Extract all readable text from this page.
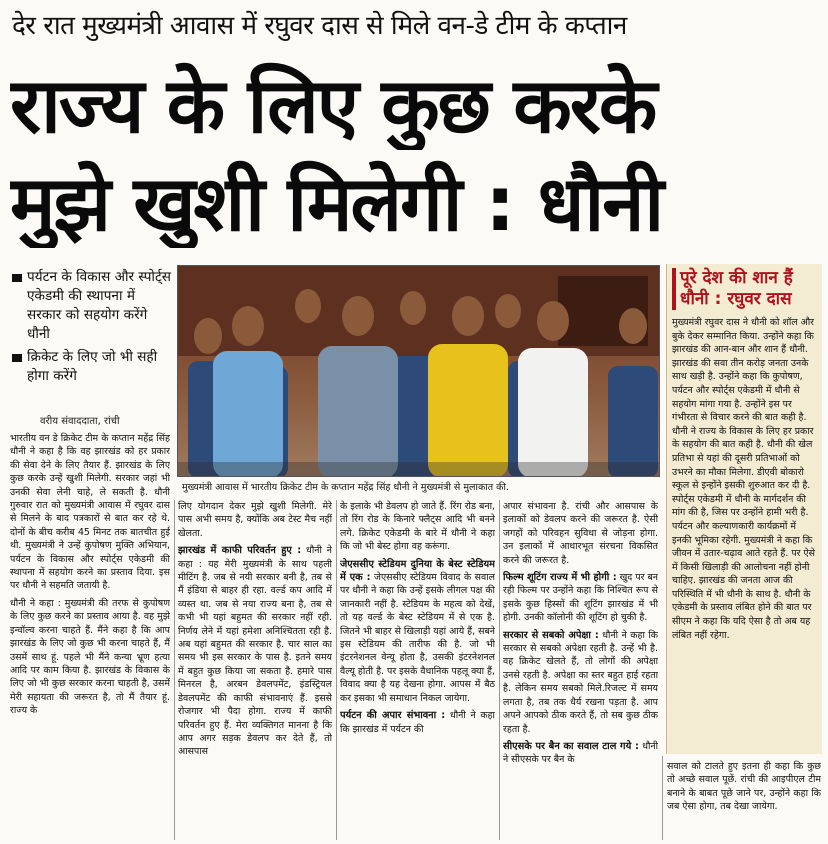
देर रात मुख्यमंत्री आवास में रघुवर दास से मिले वन-डे टीम के कप्तान
राज्य के लिए कुछ करके
मुझे खुशी मिलेगी : धौनी
पर्यटन के विकास और स्पोर्ट्स एकेडमी की स्थापना में सरकार को सहयोग करेंगे धौनी
क्रिकेट के लिए जो भी सही होगा करेंगे
वरीय संवाददाता, रांची
मुख्यमंत्री आवास में भारतीय क्रिकेट टीम के कप्तान महेंद्र सिंह धौनी ने मुख्यमंत्री से मुलाकात की.
पूरे देश की शान हैं धौनी : रघुवर दास
मुख्यमंत्री रघुवर दास ने धौनी को शॉल और बुके देकर सम्मानित किया. उन्होंने कहा कि झारखंड की आन-बान और शान हैं धौनी. झारखंड की सवा तीन करोड़ जनता उनके साथ खड़ी है. उन्होंने कहा कि कुपोषण, पर्यटन और स्पोर्ट्स एकेडमी में धौनी से सहयोग मांगा गया है. उन्होंने इस पर गंभीरता से विचार करने की बात कही है. धौनी ने राज्य के विकास के लिए हर प्रकार के सहयोग की बात कही है. धौनी की खेल प्रतिभा से यहां की दूसरी प्रतिभाओं को उभरने का मौका मिलेगा. डीएवी बोकारो स्कूल से इन्होंने इसकी शुरुआत कर दी है. स्पोर्ट्स एकेडमी में धौनी के मार्गदर्शन की मांग की है, जिस पर उन्होंने हामी भरी है. पर्यटन और कल्याणकारी कार्यक्रमों में इनकी भूमिका रहेगी. मुख्यमंत्री ने कहा कि जीवन में उतार-चढ़ाव आते रहते हैं. पर ऐसे में किसी खिलाड़ी की आलोचना नहीं होनी चाहिए. झारखंड की जनता आज की परिस्थिति में भी धौनी के साथ है. धौनी के एकेडमी के प्रस्ताव लंबित होने की बात पर सीएम ने कहा कि यदि ऐसा है तो अब यह लंबित नहीं रहेगा.

भारतीय वन डे क्रिकेट टीम के कप्तान महेंद्र सिंह धौनी ने कहा है कि वह झारखंड को हर प्रकार की सेवा देने के लिए तैयार हैं. झारखंड के लिए कुछ करके उन्हें खुशी मिलेगी. सरकार जहां भी उनकी सेवा लेनी चाहे, ले सकती है. धौनी गुरुवार रात को मुख्यमंत्री आवास में रघुवर दास से मिलने के बाद पत्रकारों से बात कर रहे थे. दोनों के बीच करीब 45 मिनट तक बातचीत हुई थी. मुख्यमंत्री ने उन्हें कुपोषण मुक्ति अभियान, पर्यटन के विकास और स्पोर्ट्स एकेडमी की स्थापना में सहयोग करने का प्रस्ताव दिया. इस पर धौनी ने सहमति जतायी है.

धौनी ने कहा : मुख्यमंत्री की तरफ से कुपोषण के लिए कुछ करने का प्रस्ताव आया है. वह मुझे इन्वॉल्व करना चाहते हैं. मैंने कहा है कि आप झारखंड के लिए जो कुछ भी करना चाहते हैं, मैं उसमें साथ हूं. पहले भी मैंने कन्या भ्रूण हत्या आदि पर काम किया है. झारखंड के विकास के लिए जो भी कुछ सरकार करना चाहती है, उसमें मेरी सहायता की जरूरत है, तो मैं तैयार हूं. राज्य के

लिए योगदान देकर मुझे खुशी मिलेगी. मेरे पास अभी समय है, क्योंकि अब टेस्ट मैच नहीं खेलता.

झारखंड में काफी परिवर्तन हुए : धौनी ने कहा : यह मेरी मुख्यमंत्री के साथ पहली मीटिंग है. जब से नयी सरकार बनी है, तब से मैं इंडिया से बाहर ही रहा. वर्ल्ड कप आदि में व्यस्त था. जब से नया राज्य बना है, तब से कभी भी यहां बहुमत की सरकार नहीं रही. निर्णय लेने में यहां हमेशा अनिश्चितता रही है. अब यहां बहुमत की सरकार है. चार साल का समय भी इस सरकार के पास है. इतने समय में बहुत कुछ किया जा सकता है. हमारे पास मिनरल है, अरबन डेवलपमेंट, इंडस्ट्रियल डेवलपमेंट की काफी संभावनाएं हैं. इससे रोजगार भी पैदा होगा. राज्य में काफी परिवर्तन हुए हैं. मेरा व्यक्तिगत मानना है कि आप अगर सड़क डेवलप कर देते हैं, तो आसपास

के इलाके भी डेवलप हो जाते हैं. रिंग रोड बना, तो रिंग रोड के किनारे फ्लैट्स आदि भी बनने लगे. क्रिकेट एकेडमी के बारे में धौनी ने कहा कि जो भी बेस्ट होगा वह करूंगा.

जेएससीए स्टेडियम दुनिया के बेस्ट स्टेडियम में एक : जेएससीए स्टेडियम विवाद के सवाल पर धौनी ने कहा कि उन्हें इसके लीगल पक्ष की जानकारी नहीं है. स्टेडियम के महत्व को देखें, तो यह वर्ल्ड के बेस्ट स्टेडियम में से एक है. जितने भी बाहर से खिलाड़ी यहां आये हैं, सबने इस स्टेडियम की तारीफ की है. जो भी इंटरनेशनल वेन्यू होता है, उसकी इंटरनेशनल वैल्यू होती है. पर इसके वैधानिक पहलू क्या हैं, विवाद क्या है यह देखना होगा. आपस में बैठ कर इसका भी समाधान निकल जायेगा.

पर्यटन की अपार संभावना : धौनी ने कहा कि झारखंड में पर्यटन की

अपार संभावना है. रांची और आसपास के इलाकों को डेवलप करने की जरूरत है. ऐसी जगहों को परिवहन सुविधा से जोड़ना होगा. उन इलाकों में आधारभूत संरचना विकसित करने की जरूरत है.

फिल्म शूटिंग राज्य में भी होगी : खुद पर बन रही फिल्म पर उन्होंने कहा कि निश्चित रूप से इसके कुछ हिस्सों की शूटिंग झारखंड में भी होगी. उनकी कॉलोनी की शूटिंग हो चुकी है.

सरकार से सबको अपेक्षा : धौनी ने कहा कि सरकार से सबको अपेक्षा रहती है. उन्हें भी है. वह क्रिकेट खेलते हैं, तो लोगों की अपेक्षा उनसे रहती है. अपेक्षा का स्तर बहुत हाई रहता है. लेकिन समय सबको मिले.रिजल्ट में समय लगता है, तब तक धैर्य रखना पड़ता है. आप अपने आपको ठीक करते हैं, तो सब कुछ ठीक रहता है.

सीएसके पर बैन का सवाल टाल गये : धौनी ने सीएसके पर बैन के

सवाल को टालते हुए इतना ही कहा कि कुछ तो अच्छे सवाल पूछें. रांची की आइपीएल टीम बनाने के बाबत पूछे जाने पर, उन्होंने कहा कि जब ऐसा होगा, तब देखा जायेगा.
